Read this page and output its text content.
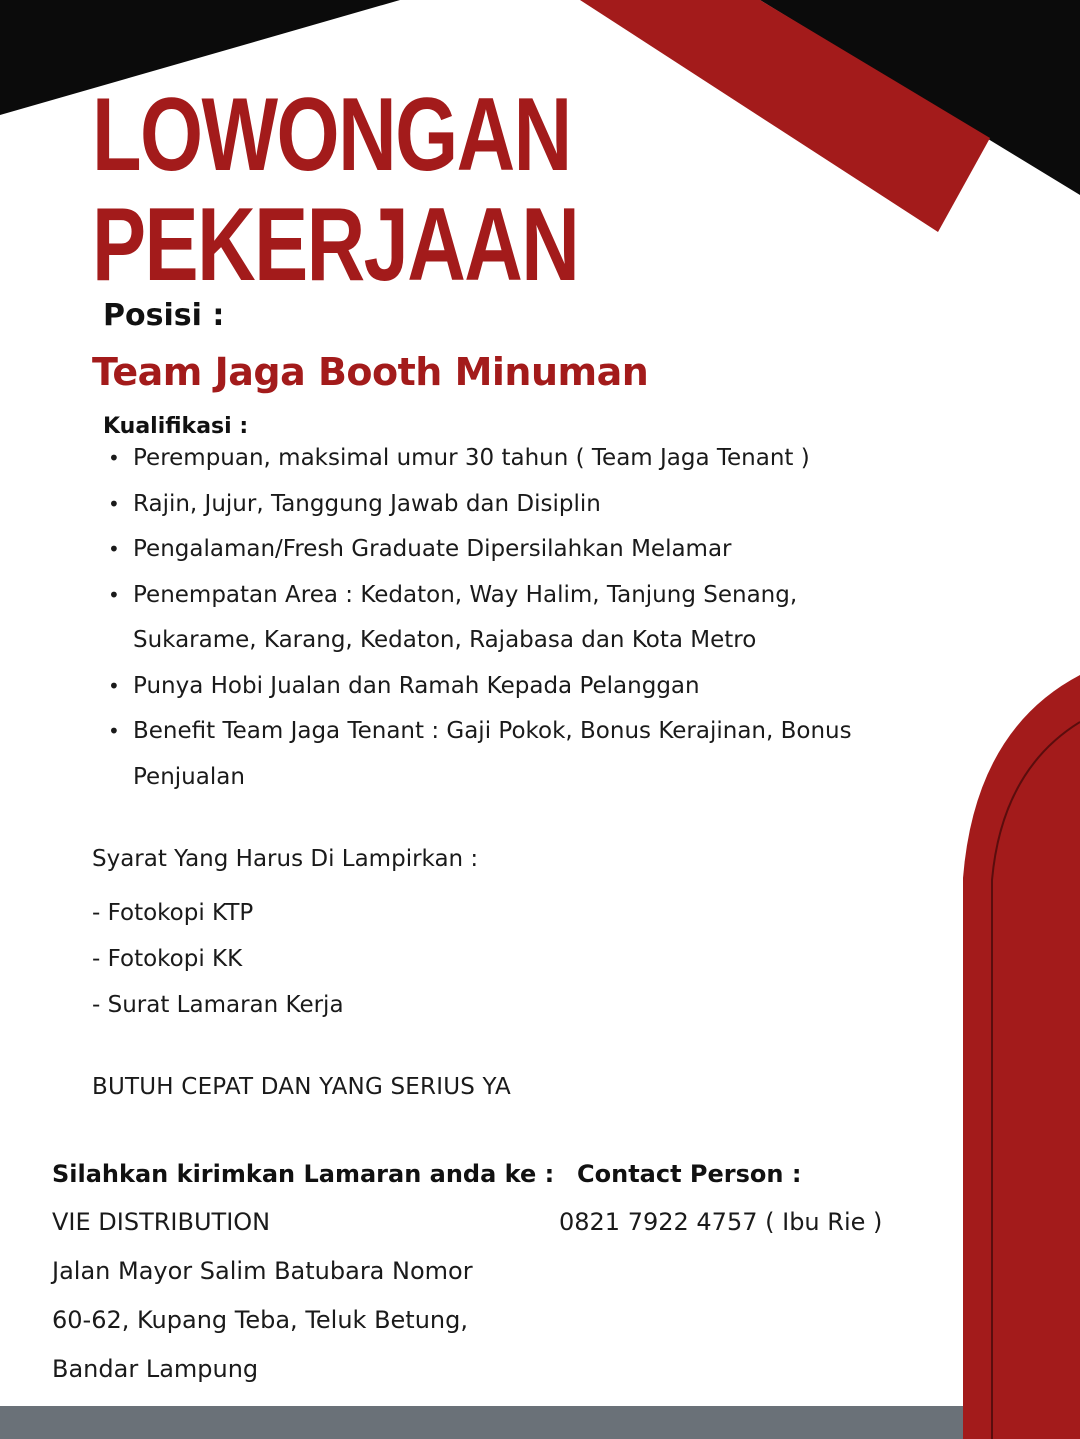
LOWONGAN
PEKERJAAN
Posisi :
Team Jaga Booth Minuman
Kualifikasi :
• Perempuan, maksimal umur 30 tahun ( Team Jaga Tenant )
• Rajin, Jujur, Tanggung Jawab dan Disiplin
• Pengalaman/Fresh Graduate Dipersilahkan Melamar
• Penempatan Area : Kedaton, Way Halim, Tanjung Senang, Sukarame, Karang, Kedaton, Rajabasa dan Kota Metro
• Punya Hobi Jualan dan Ramah Kepada Pelanggan
• Benefit Team Jaga Tenant : Gaji Pokok, Bonus Kerajinan, Bonus Penjualan
Syarat Yang Harus Di Lampirkan :
- Fotokopi KTP
- Fotokopi KK
- Surat Lamaran Kerja
BUTUH CEPAT DAN YANG SERIUS YA
Silahkan kirimkan Lamaran anda ke :
VIE DISTRIBUTION
Jalan Mayor Salim Batubara Nomor
60-62, Kupang Teba, Teluk Betung,
Bandar Lampung
Contact Person :
0821 7922 4757 ( Ibu Rie )
